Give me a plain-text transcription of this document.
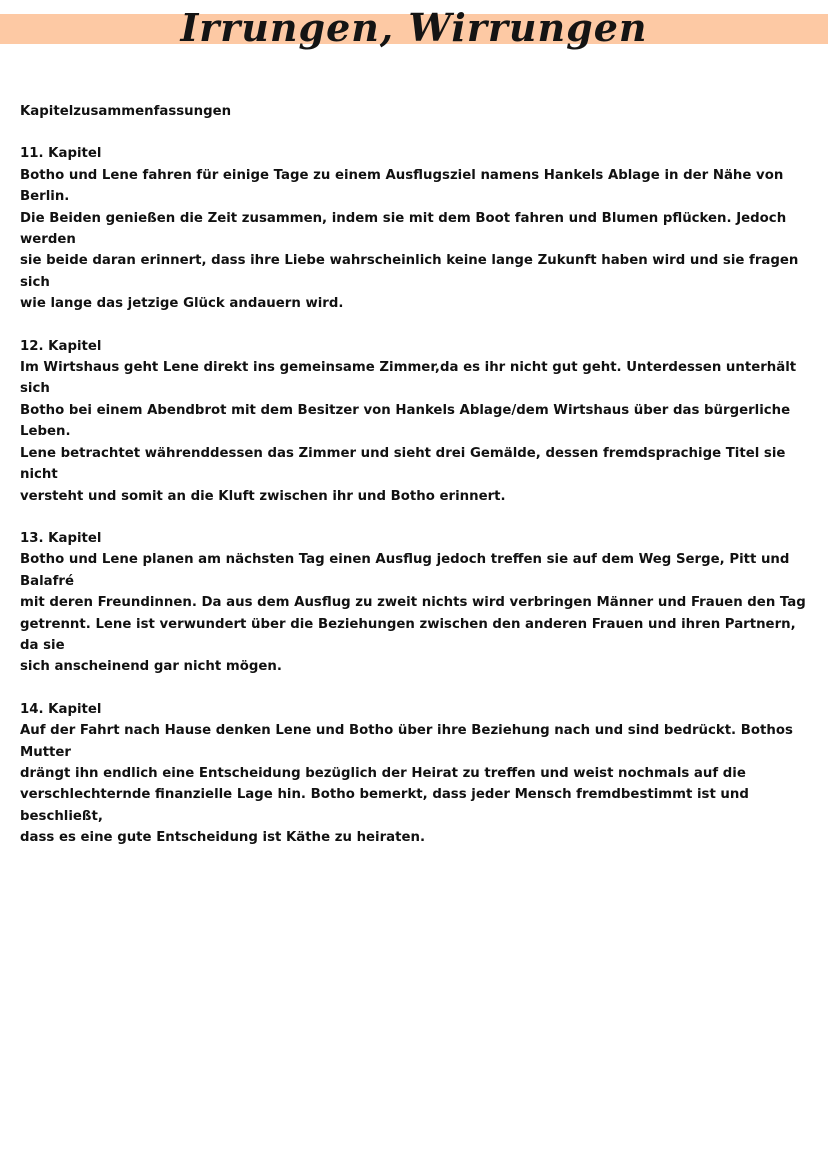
Irrungen, Wirrungen

Kapitelzusammenfassungen

11. Kapitel

Botho und Lene fahren für einige Tage zu einem Ausflugsziel namens Hankels Ablage in der Nähe von Berlin.
Die Beiden genießen die Zeit zusammen, indem sie mit dem Boot fahren und Blumen pflücken. Jedoch werden
sie beide daran erinnert, dass ihre Liebe wahrscheinlich keine lange Zukunft haben wird und sie fragen sich
wie lange das jetzige Glück andauern wird.

12. Kapitel

Im Wirtshaus geht Lene direkt ins gemeinsame Zimmer,da es ihr nicht gut geht. Unterdessen unterhält sich
Botho bei einem Abendbrot mit dem Besitzer von Hankels Ablage/dem Wirtshaus über das bürgerliche Leben.
Lene betrachtet währenddessen das Zimmer und sieht drei Gemälde, dessen fremdsprachige Titel sie nicht
versteht und somit an die Kluft zwischen ihr und Botho erinnert.

13. Kapitel

Botho und Lene planen am nächsten Tag einen Ausflug jedoch treffen sie auf dem Weg Serge, Pitt und Balafré
mit deren Freundinnen. Da aus dem Ausflug zu zweit nichts wird verbringen Männer und Frauen den Tag
getrennt. Lene ist verwundert über die Beziehungen zwischen den anderen Frauen und ihren Partnern, da sie
sich anscheinend gar nicht mögen.

14. Kapitel

Auf der Fahrt nach Hause denken Lene und Botho über ihre Beziehung nach und sind bedrückt. Bothos Mutter
drängt ihn endlich eine Entscheidung bezüglich der Heirat zu treffen und weist nochmals auf die
verschlechternde finanzielle Lage hin. Botho bemerkt, dass jeder Mensch fremdbestimmt ist und beschließt,
dass es eine gute Entscheidung ist Käthe zu heiraten.
